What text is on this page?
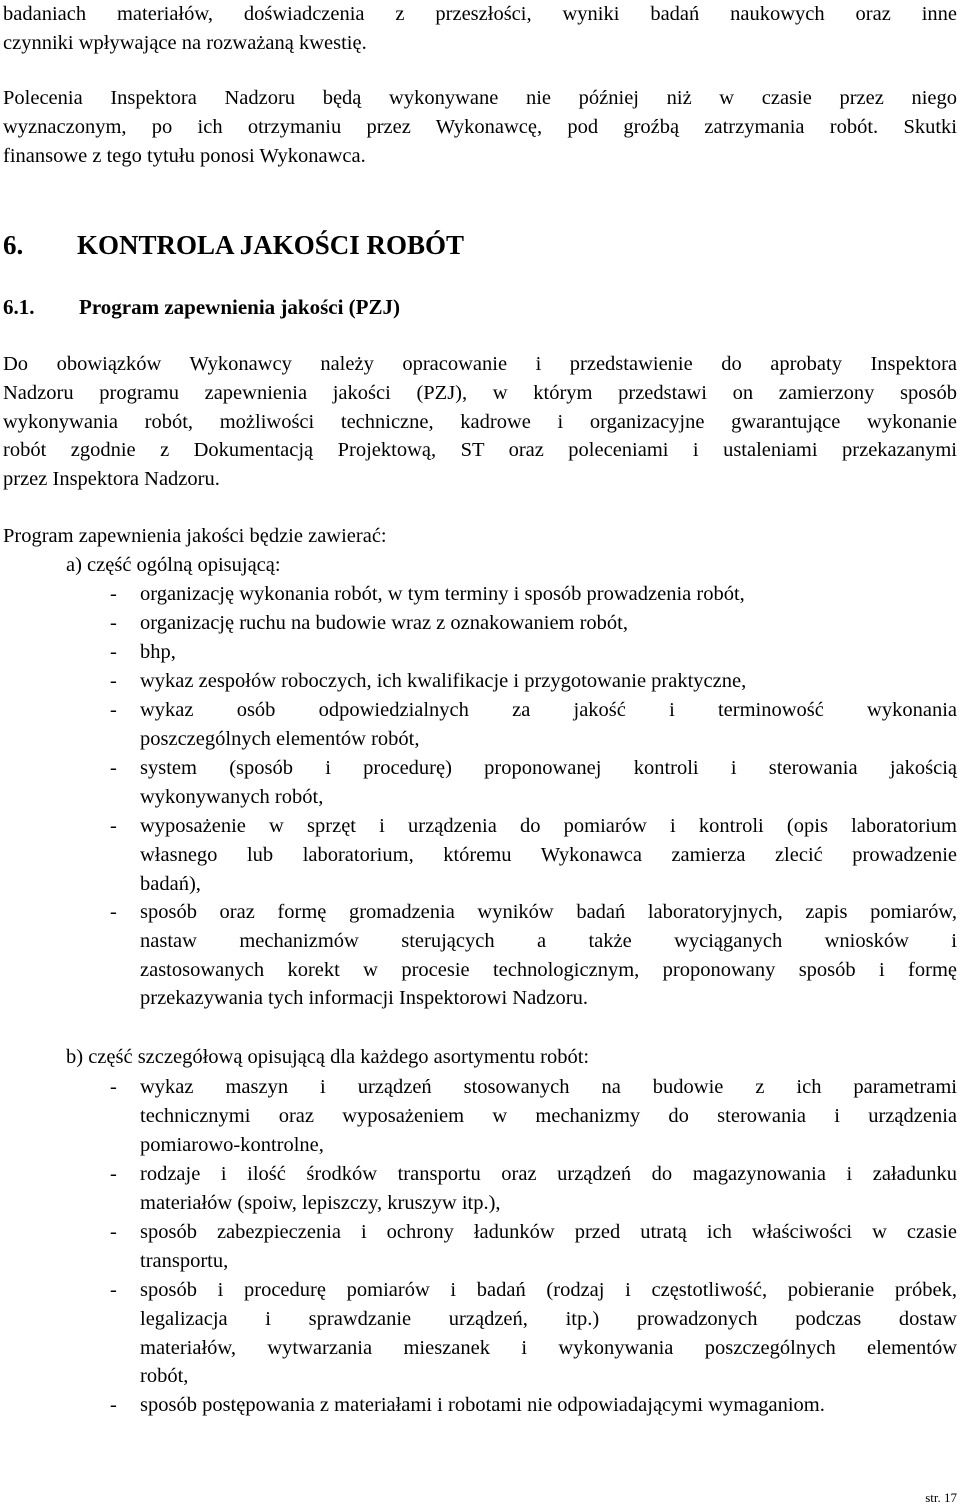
badaniach materiałów, doświadczenia z przeszłości, wyniki badań naukowych oraz inne
czynniki wpływające na rozważaną kwestię.
Polecenia Inspektora Nadzoru będą wykonywane nie później niż w czasie przez niego
wyznaczonym, po ich otrzymaniu przez Wykonawcę, pod groźbą zatrzymania robót. Skutki
finansowe z tego tytułu ponosi Wykonawca.
6. KONTROLA JAKOŚCI ROBÓT
6.1. Program zapewnienia jakości (PZJ)
Do obowiązków Wykonawcy należy opracowanie i przedstawienie do aprobaty Inspektora
Nadzoru programu zapewnienia jakości (PZJ), w którym przedstawi on zamierzony sposób
wykonywania robót, możliwości techniczne, kadrowe i organizacyjne gwarantujące wykonanie
robót zgodnie z Dokumentacją Projektową, ST oraz poleceniami i ustaleniami przekazanymi
przez Inspektora Nadzoru.
Program zapewnienia jakości będzie zawierać:
a) część ogólną opisującą:
- organizację wykonania robót, w tym terminy i sposób prowadzenia robót,
- organizację ruchu na budowie wraz z oznakowaniem robót,
- bhp,
- wykaz zespołów roboczych, ich kwalifikacje i przygotowanie praktyczne,
- wykaz osób odpowiedzialnych za jakość i terminowość wykonania
poszczególnych elementów robót,
- system (sposób i procedurę) proponowanej kontroli i sterowania jakością
wykonywanych robót,
- wyposażenie w sprzęt i urządzenia do pomiarów i kontroli (opis laboratorium
własnego lub laboratorium, któremu Wykonawca zamierza zlecić prowadzenie
badań),
- sposób oraz formę gromadzenia wyników badań laboratoryjnych, zapis pomiarów,
nastaw mechanizmów sterujących a także wyciąganych wniosków i
zastosowanych korekt w procesie technologicznym, proponowany sposób i formę
przekazywania tych informacji Inspektorowi Nadzoru.
b) część szczegółową opisującą dla każdego asortymentu robót:
- wykaz maszyn i urządzeń stosowanych na budowie z ich parametrami
technicznymi oraz wyposażeniem w mechanizmy do sterowania i urządzenia
pomiarowo-kontrolne,
- rodzaje i ilość środków transportu oraz urządzeń do magazynowania i załadunku
materiałów (spoiw, lepiszczy, kruszyw itp.),
- sposób zabezpieczenia i ochrony ładunków przed utratą ich właściwości w czasie
transportu,
- sposób i procedurę pomiarów i badań (rodzaj i częstotliwość, pobieranie próbek,
legalizacja i sprawdzanie urządzeń, itp.) prowadzonych podczas dostaw
materiałów, wytwarzania mieszanek i wykonywania poszczególnych elementów
robót,
- sposób postępowania z materiałami i robotami nie odpowiadającymi wymaganiom.
str. 17
